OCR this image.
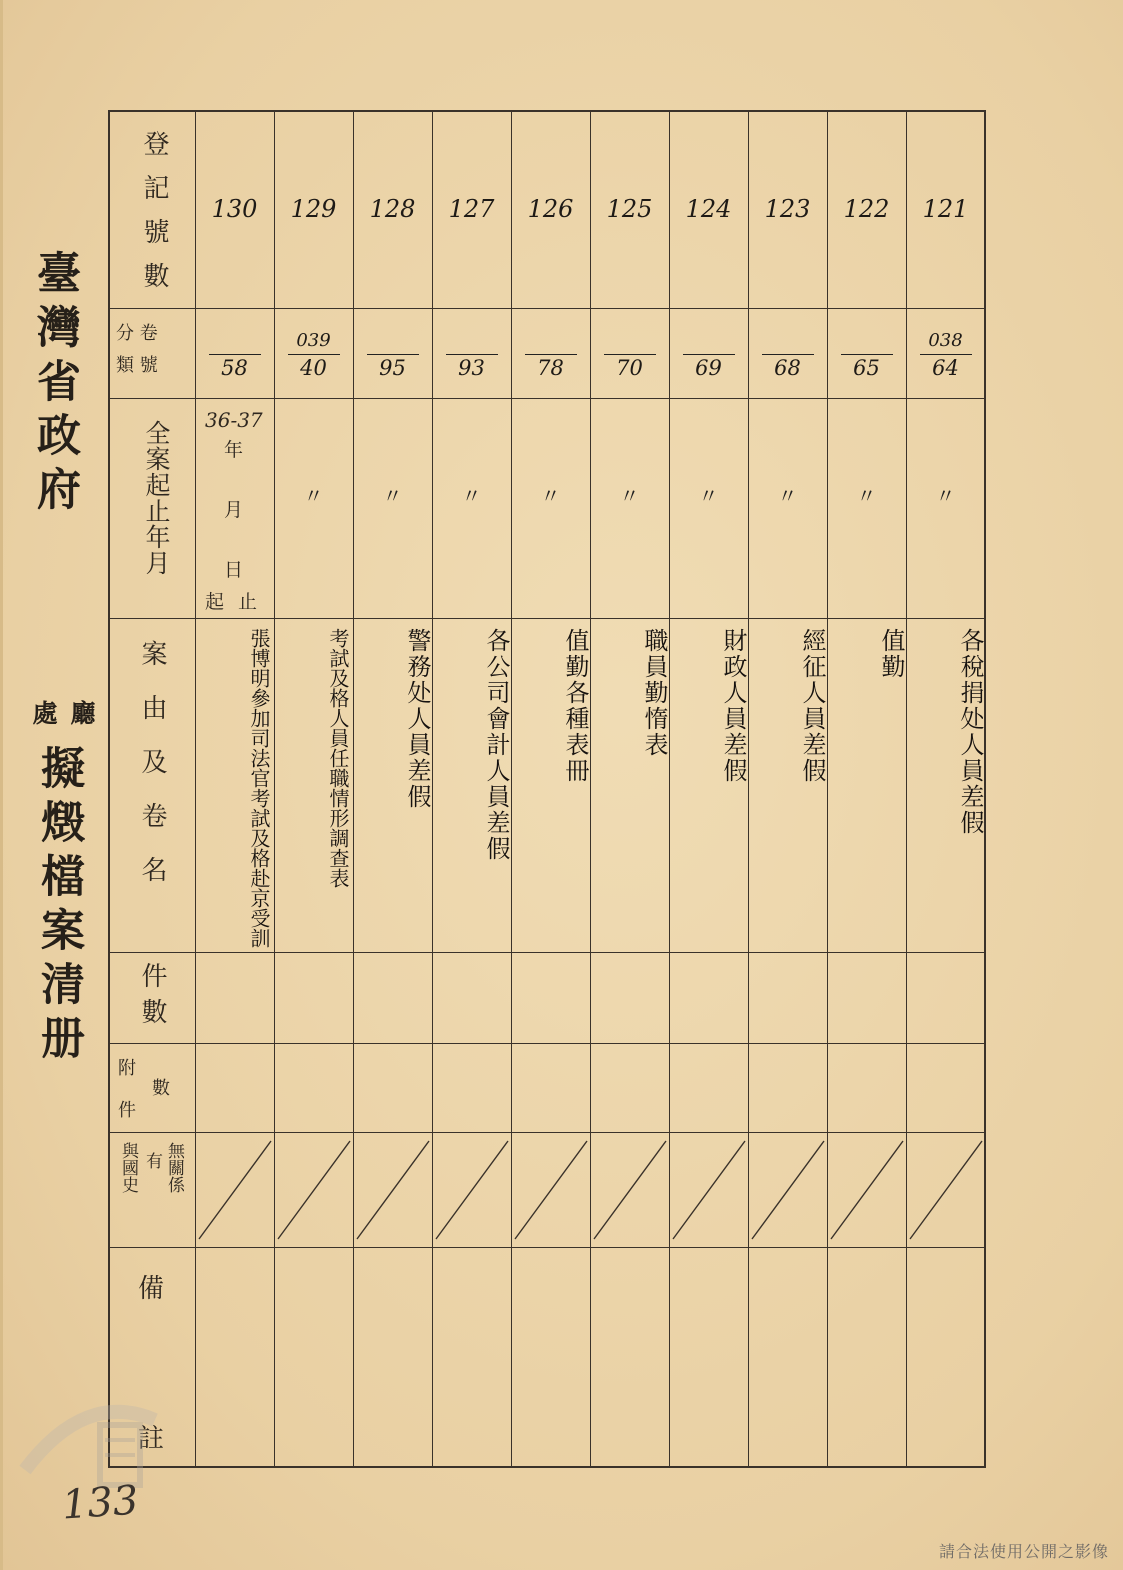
臺灣省政府
廳
處
擬燬檔案清册
登記號數
分 卷
類 號
全案起止年月
案由及卷名
件數
附
件
數
與國史
有
無關係
備
註
36-37
年
月
日
起 止
130
58
張博明參加司法官考試及格赴京受訓
129
039
40
〃
考試及格人員任職情形調查表
128
95
〃
警務处人員差假
127
93
〃
各公司會計人員差假
126
78
〃
值勤各種表冊
125
70
〃
職員勤惰表
124
69
〃
財政人員差假
123
68
〃
經征人員差假
122
65
〃
值勤
121
038
64
〃
各稅捐处人員差假
133
請合法使用公開之影像
